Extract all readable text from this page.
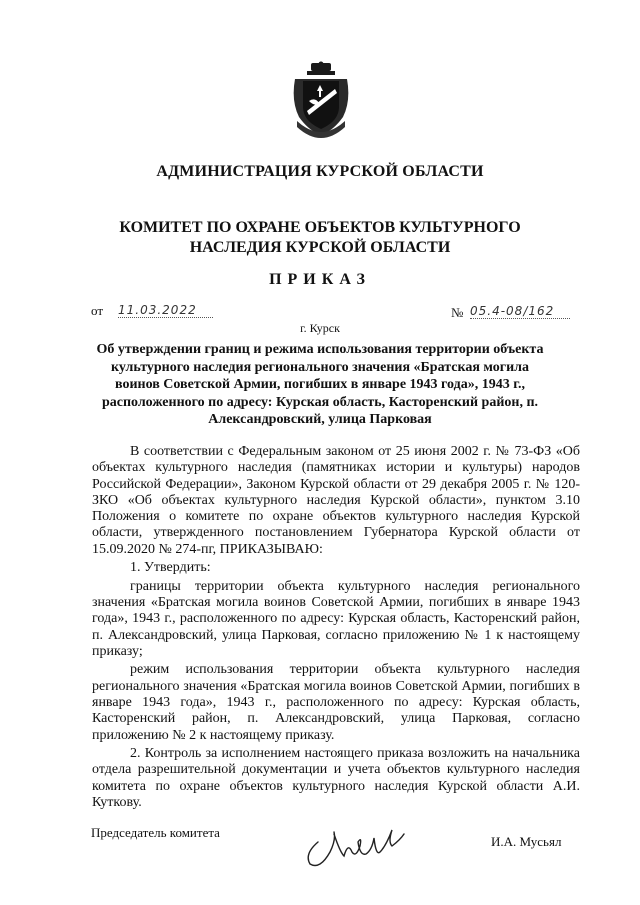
АДМИНИСТРАЦИЯ КУРСКОЙ ОБЛАСТИ
КОМИТЕТ ПО ОХРАНЕ ОБЪЕКТОВ КУЛЬТУРНОГО НАСЛЕДИЯ КУРСКОЙ ОБЛАСТИ
ПРИКАЗ
от 11.03.2022	№ 05.4-08/162
г. Курск
Об утверждении границ и режима использования территории объекта культурного наследия регионального значения «Братская могила воинов Советской Армии, погибших в январе 1943 года», 1943 г., расположенного по адресу: Курская область, Касторенский район, п. Александровский, улица Парковая

В соответствии с Федеральным законом от 25 июня 2002 г. № 73-ФЗ «Об объектах культурного наследия (памятниках истории и культуры) народов Российской Федерации», Законом Курской области от 29 декабря 2005 г. № 120-ЗКО «Об объектах культурного наследия Курской области», пунктом 3.10 Положения о комитете по охране объектов культурного наследия Курской области, утвержденного постановлением Губернатора Курской области от 15.09.2020 № 274-пг, ПРИКАЗЫВАЮ:

1. Утвердить:

границы территории объекта культурного наследия регионального значения «Братская могила воинов Советской Армии, погибших в январе 1943 года», 1943 г., расположенного по адресу: Курская область, Касторенский район, п. Александровский, улица Парковая, согласно приложению № 1 к настоящему приказу;

режим использования территории объекта культурного наследия регионального значения «Братская могила воинов Советской Армии, погибших в январе 1943 года», 1943 г., расположенного по адресу: Курская область, Касторенский район, п. Александровский, улица Парковая, согласно приложению № 2 к настоящему приказу.

2. Контроль за исполнением настоящего приказа возложить на начальника отдела разрешительной документации и учета объектов культурного наследия комитета по охране объектов культурного наследия Курской области А.И. Куткову.

Председатель комитета
И.А. Мусьял
